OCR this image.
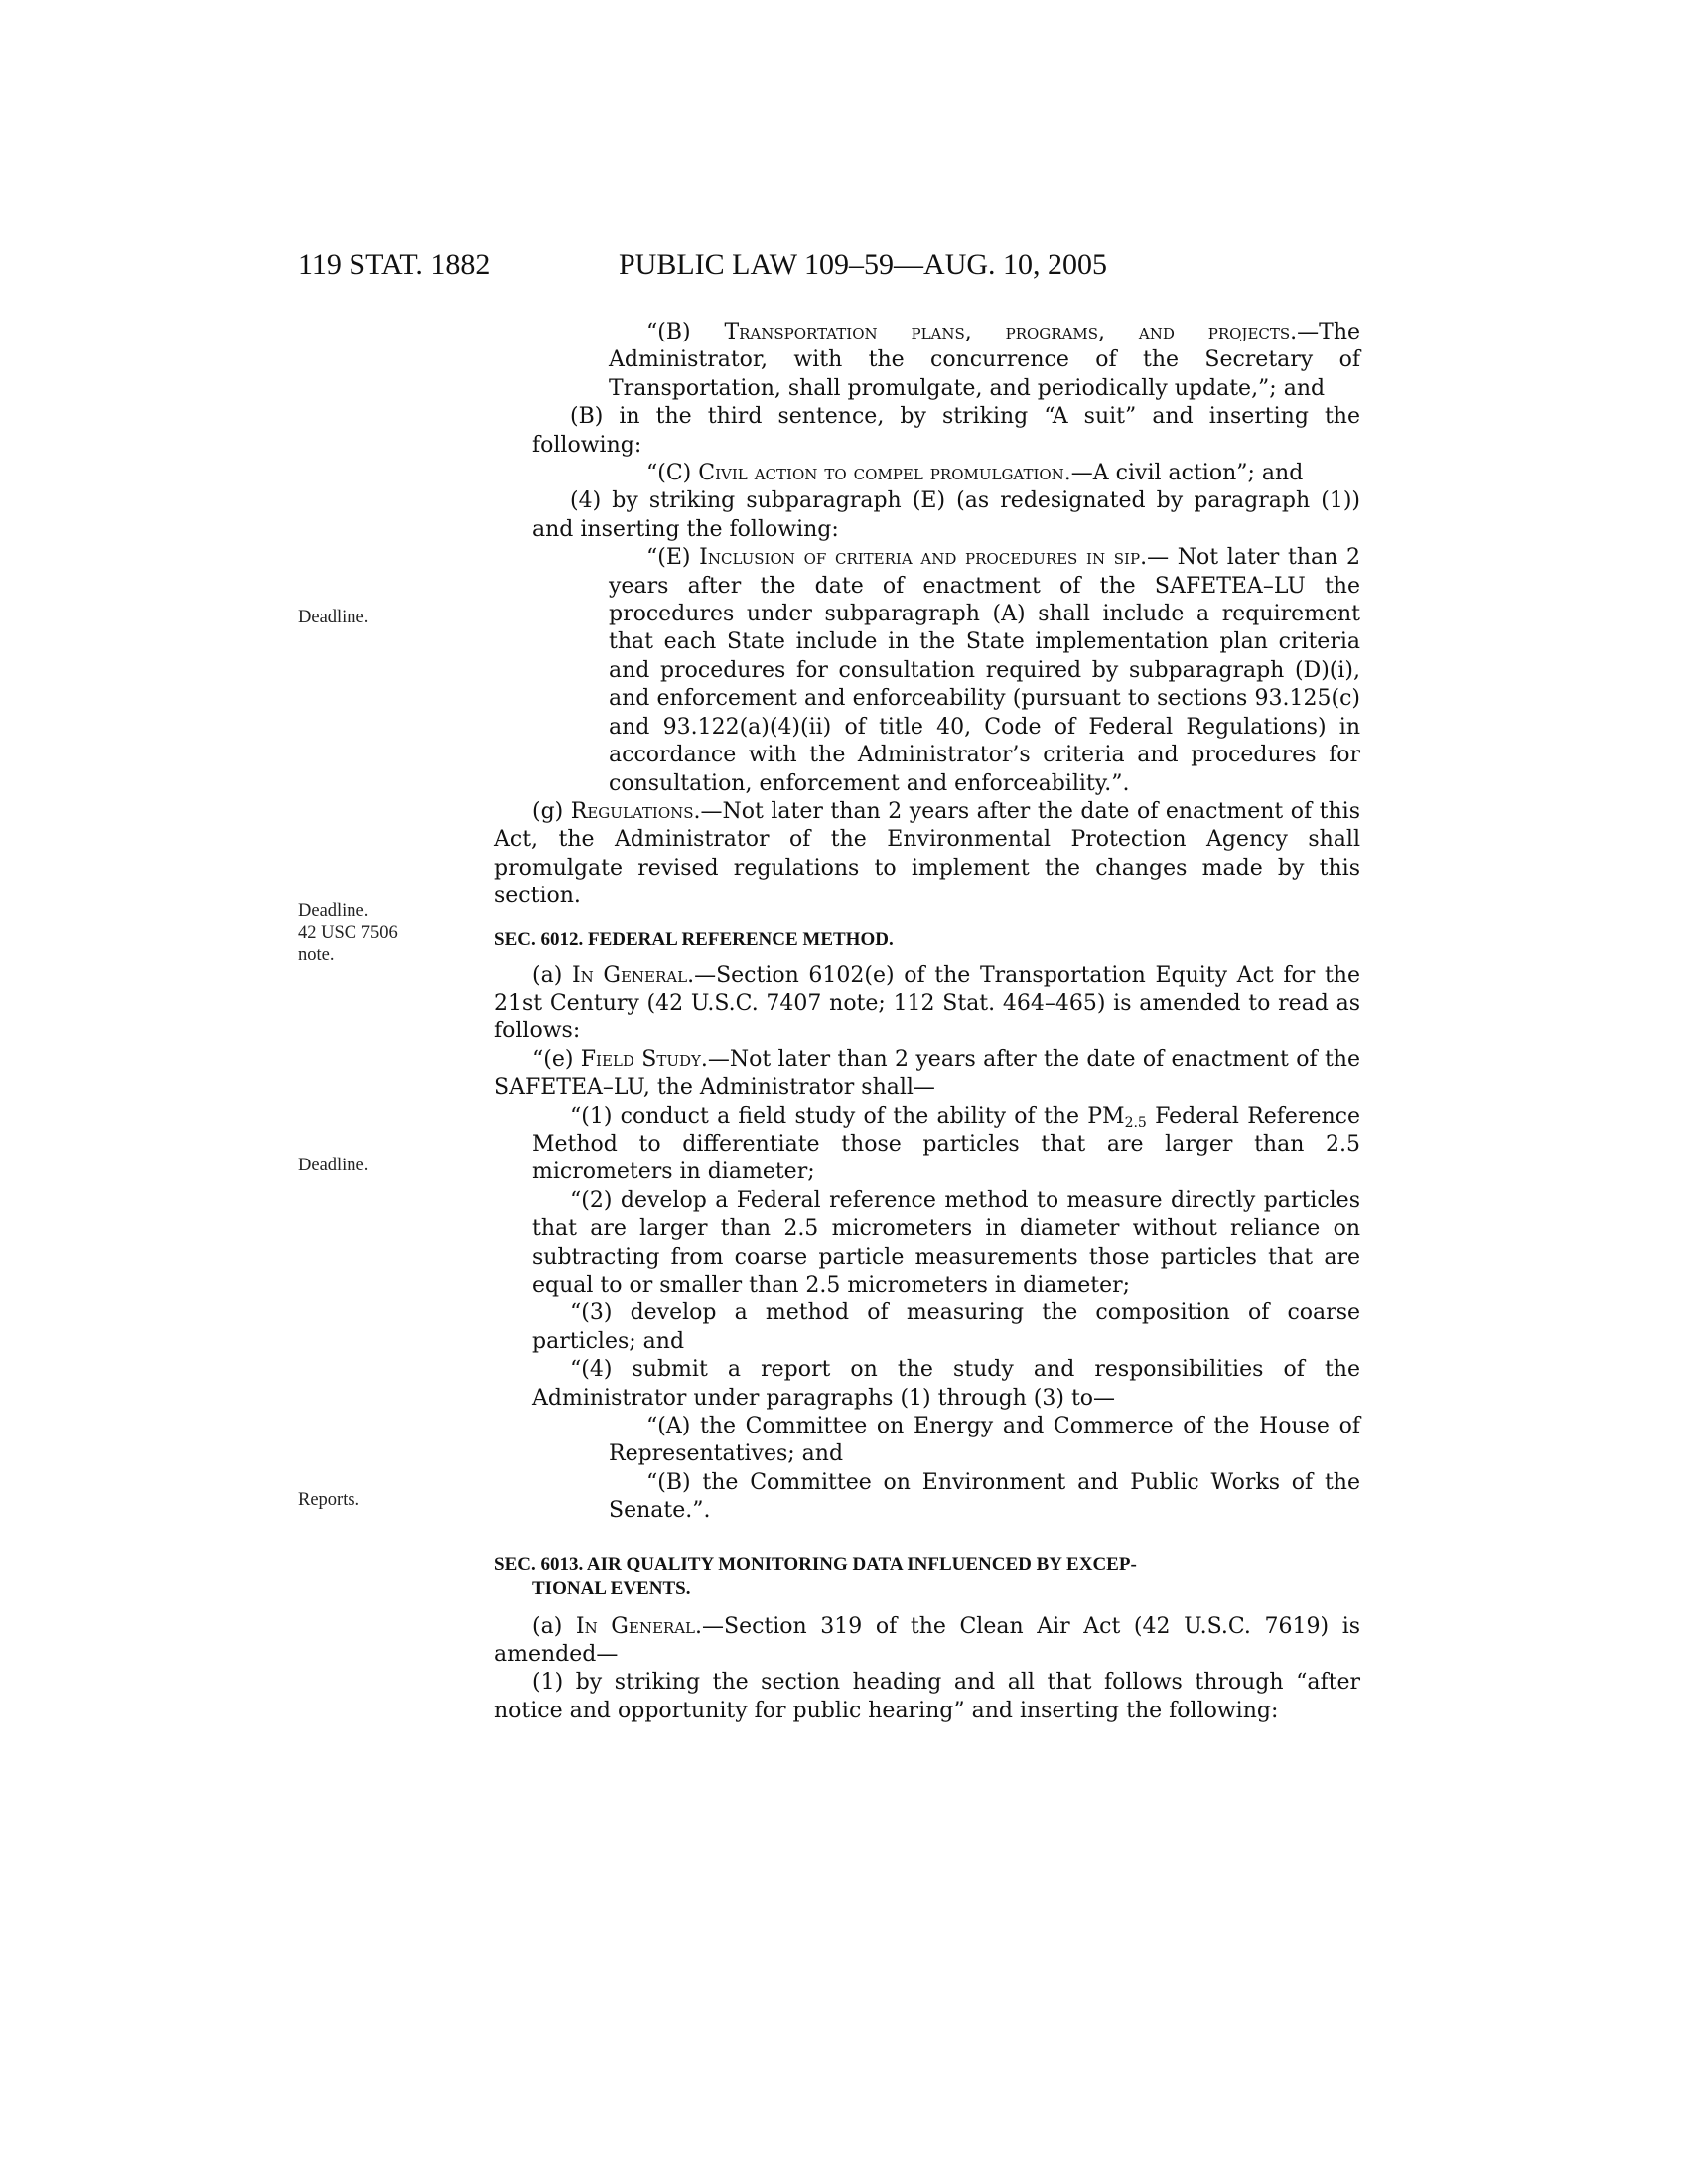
119 STAT. 1882	PUBLIC LAW 109–59—AUG. 10, 2005
Deadline.
Deadline.
42 USC 7506
note.
Deadline.
Reports.

“(B) Transportation plans, programs, and projects.—The Administrator, with the concurrence of the Secretary of Transportation, shall promulgate, and periodically update,”; and

(B) in the third sentence, by striking “A suit” and inserting the following:

“(C) Civil action to compel promulgation.—A civil action”; and

(4) by striking subparagraph (E) (as redesignated by paragraph (1)) and inserting the following:

“(E) Inclusion of criteria and procedures in sip.— Not later than 2 years after the date of enactment of the SAFETEA–LU the procedures under subparagraph (A) shall include a requirement that each State include in the State implementation plan criteria and procedures for consultation required by subparagraph (D)(i), and enforcement and enforceability (pursuant to sections 93.125(c) and 93.122(a)(4)(ii) of title 40, Code of Federal Regulations) in accordance with the Administrator’s criteria and procedures for consultation, enforcement and enforceability.”.

(g) Regulations.—Not later than 2 years after the date of enactment of this Act, the Administrator of the Environmental Protection Agency shall promulgate revised regulations to implement the changes made by this section.

SEC. 6012. FEDERAL REFERENCE METHOD.

(a) In General.—Section 6102(e) of the Transportation Equity Act for the 21st Century (42 U.S.C. 7407 note; 112 Stat. 464–465) is amended to read as follows:

“(e) Field Study.—Not later than 2 years after the date of enactment of the SAFETEA–LU, the Administrator shall—

“(1) conduct a field study of the ability of the $PM_{2.5}$ Federal Reference Method to differentiate those particles that are larger than 2.5 micrometers in diameter;

“(2) develop a Federal reference method to measure directly particles that are larger than 2.5 micrometers in diameter without reliance on subtracting from coarse particle measurements those particles that are equal to or smaller than 2.5 micrometers in diameter;

“(3) develop a method of measuring the composition of coarse particles; and

“(4) submit a report on the study and responsibilities of the Administrator under paragraphs (1) through (3) to—

“(A) the Committee on Energy and Commerce of the House of Representatives; and

“(B) the Committee on Environment and Public Works of the Senate.”.

SEC. 6013. AIR QUALITY MONITORING DATA INFLUENCED BY EXCEP-
TIONAL EVENTS.

(a) In General.—Section 319 of the Clean Air Act (42 U.S.C. 7619) is amended—

(1) by striking the section heading and all that follows through “after notice and opportunity for public hearing” and inserting the following:
